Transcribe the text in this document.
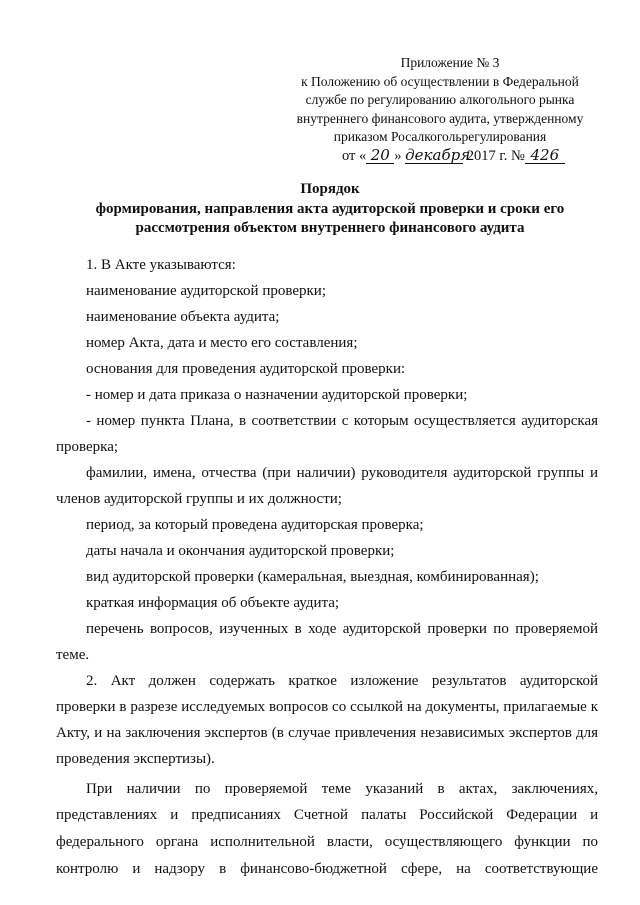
Приложение № 3
к Положению об осуществлении в Федеральной
службе по регулированию алкогольного рынка
внутреннего финансового аудита, утвержденному
приказом Росалкогольрегулирования
от « 20 » декабря 2017 г. № 426
Порядок
формирования, направления акта аудиторской проверки и сроки его
рассмотрения объектом внутреннего финансового аудита
1. В Акте указываются:
наименование аудиторской проверки;
наименование объекта аудита;
номер Акта, дата и место его составления;
основания для проведения аудиторской проверки:
- номер и дата приказа о назначении аудиторской проверки;
- номер пункта Плана, в соответствии с которым осуществляется аудиторская
проверка;
фамилии, имена, отчества (при наличии) руководителя аудиторской группы и
членов аудиторской группы и их должности;
период, за который проведена аудиторская проверка;
даты начала и окончания аудиторской проверки;
вид аудиторской проверки (камеральная, выездная, комбинированная);
краткая информация об объекте аудита;
перечень вопросов, изученных в ходе аудиторской проверки по проверяемой
теме.
2. Акт должен содержать краткое изложение результатов аудиторской
проверки в разрезе исследуемых вопросов со ссылкой на документы, прилагаемые к
Акту, и на заключения экспертов (в случае привлечения независимых экспертов для
проведения экспертизы).
При наличии по проверяемой теме указаний в актах, заключениях,
представлениях и предписаниях Счетной палаты Российской Федерации и
федерального органа исполнительной власти, осуществляющего функции по
контролю и надзору в финансово-бюджетной сфере, на соответствующие
